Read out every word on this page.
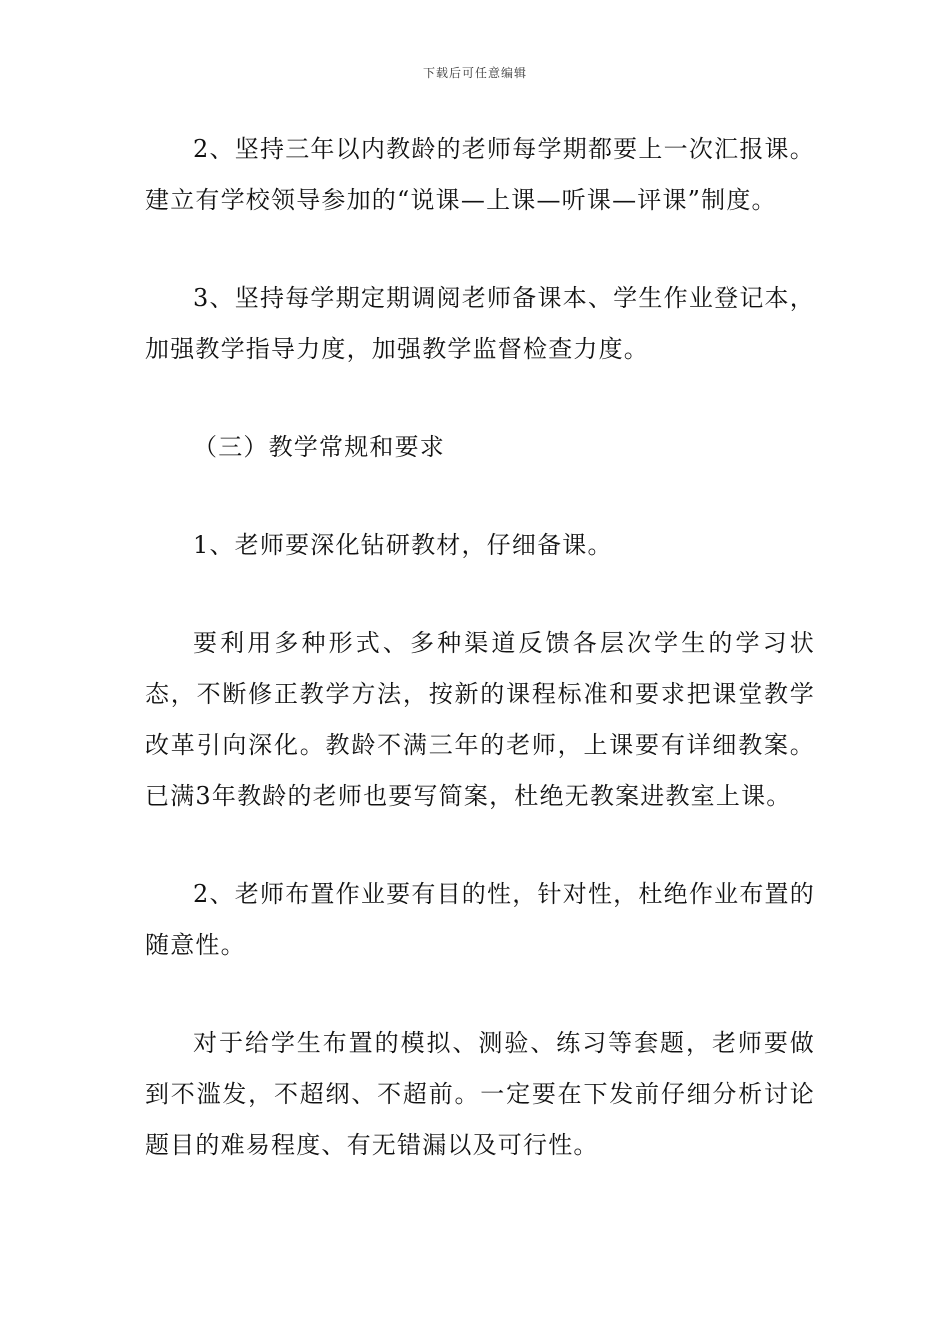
下载后可任意编辑

2、坚持三年以内教龄的老师每学期都要上一次汇报课。建立有学校领导参加的“说课—上课—听课—评课”制度。

3、坚持每学期定期调阅老师备课本、学生作业登记本，加强教学指导力度，加强教学监督检查力度。

（三）教学常规和要求

1、老师要深化钻研教材，仔细备课。

要利用多种形式、多种渠道反馈各层次学生的学习状态，不断修正教学方法，按新的课程标准和要求把课堂教学改革引向深化。教龄不满三年的老师，上课要有详细教案。已满3年教龄的老师也要写简案，杜绝无教案进教室上课。

2、老师布置作业要有目的性，针对性，杜绝作业布置的随意性。

对于给学生布置的模拟、测验、练习等套题，老师要做到不滥发，不超纲、不超前。一定要在下发前仔细分析讨论题目的难易程度、有无错漏以及可行性。
